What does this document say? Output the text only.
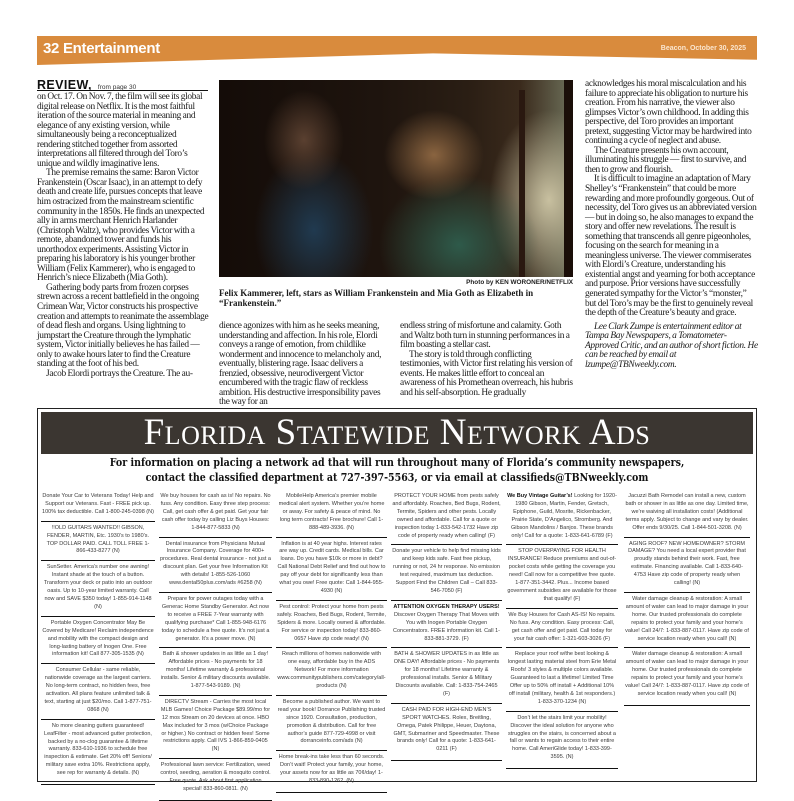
32 Entertainment	Beacon, October 30, 2025
REVIEW, from page 30

on Oct. 17. On Nov. 7, the film will see its global digital release on Netflix. It is the most faithful iteration of the source material in meaning and elegance of any existing version, while simultaneously being a reconceptualized rendering stitched together from assorted interpretations all filtered through del Toro’s unique and wildly imaginative lens.

The premise remains the same: Baron Victor Frankenstein (Oscar Isaac), in an attempt to defy death and create life, pursues concepts that leave him ostracized from the mainstream scientific community in the 1850s. He finds an unexpected ally in arms merchant Henrich Harlander (Christoph Waltz), who provides Victor with a remote, abandoned tower and funds his unorthodox experiments. Assisting Victor in preparing his laboratory is his younger brother William (Felix Kammerer), who is engaged to Henrich’s niece Elizabeth (Mia Goth).

Gathering body parts from frozen corpses strewn across a recent battlefield in the ongoing Crimean War, Victor constructs his prospective creation and attempts to reanimate the assemblage of dead flesh and organs. Using lightning to jumpstart the Creature through the lymphatic system, Victor initially believes he has failed — only to awake hours later to find the Creature standing at the foot of his bed.

Jacob Elordi portrays the Creature. The au-

Photo by KEN WORONER/NETFLIX
Felix Kammerer, left, stars as William Frankenstein and Mia Goth as Elizabeth in “Frankenstein.”

dience agonizes with him as he seeks meaning, understanding and affection. In his role, Elordi conveys a range of emotion, from childlike wonderment and innocence to melancholy and, eventually, blistering rage. Isaac delivers a frenzied, obsessive, neurodivergent Victor encumbered with the tragic flaw of reckless ambition. His destructive irresponsibility paves the way for an

endless string of misfortune and calamity. Goth and Waltz both turn in stunning performances in a film boasting a stellar cast.

The story is told through conflicting testimonies, with Victor first relating his version of events. He makes little effort to conceal an awareness of his Promethean overreach, his hubris and his self-absorption. He gradually

acknowledges his moral miscalculation and his failure to appreciate his obligation to nurture his creation. From his narrative, the viewer also glimpses Victor’s own childhood. In adding this perspective, del Toro provides an important pretext, suggesting Victor may be hardwired into continuing a cycle of neglect and abuse.

The Creature presents his own account, illuminating his struggle — first to survive, and then to grow and flourish.

It is difficult to imagine an adaptation of Mary Shelley’s “Frankenstein” that could be more rewarding and more profoundly gorgeous. Out of necessity, del Toro gives us an abbreviated version — but in doing so, he also manages to expand the story and offer new revelations. The result is something that transcends all genre pigeonholes, focusing on the search for meaning in a meaningless universe. The viewer commiserates with Elordi’s Creature, understanding his existential angst and yearning for both acceptance and purpose. Prior versions have successfully generated sympathy for the Victor’s “monster,” but del Toro’s may be the first to genuinely reveal the depth of the Creature’s beauty and grace.

Lee Clark Zumpe is entertainment editor at Tampa Bay Newspapers, a Tomatometer-Approved Critic, and an author of short fiction. He can be reached by email at lzumpe@TBNweekly.com.

Florida Statewide Network Ads
For information on placing a network ad that will run throughout many of Florida’s community newspapers,
contact the classified department at 727-397-5563, or via email at classifieds@TBNweekly.com
Donate Your Car to Veterans Today! Help and Support our Veterans. Fast - FREE pick up. 100% tax deductible. Call 1-800-245-0398 (N)
!!OLD GUITARS WANTED!! GIBSON, FENDER, MARTIN, Etc. 1930’s to 1980’s. TOP DOLLAR PAID. CALL TOLL FREE 1-866-433-8277 (N)
SunSetter. America’s number one awning! Instant shade at the touch of a button. Transform your deck or patio into an outdoor oasis. Up to 10-year limited warranty. Call now and SAVE $350 today! 1-855-914-1148 (N)
Portable Oxygen Concentrator May Be Covered by Medicare! Reclaim independence and mobility with the compact design and long-lasting battery of Inogen One. Free information kit! Call 877-305-1535 (N)
Consumer Cellular - same reliable, nationwide coverage as the largest carriers. No long-term contract, no hidden fees, free activation. All plans feature unlimited talk & text, starting at just $20/mo. Call 1-877-751-0868 (N)
No more cleaning gutters guaranteed! LeafFilter - most advanced gutter protection, backed by a no-clog guarantee & lifetime warranty. 833-610-1936 to schedule free inspection & estimate. Get 20% off! Seniors/ military save extra 10%. Restrictions apply, see rep for warranty & details. (N)
We buy houses for cash as is! No repairs. No fuss. Any condition. Easy three step process: Call, get cash offer & get paid. Get your fair cash offer today by calling Liz Buys Houses: 1-844-877-5833 (N)
Dental insurance from Physicians Mutual Insurance Company. Coverage for 400+ procedures. Real dental insurance - not just a discount plan. Get your free Information Kit with details! 1-855-526-1060 www.dental50plus.com/ads #6258 (N)
Prepare for power outages today with a Generac Home Standby Generator. Act now to receive a FREE 7-Year warranty with qualifying purchase* Call 1-855-948-6176 today to schedule a free quote. It’s not just a generator. It’s a power move. (N)
Bath & shower updates in as little as 1 day! Affordable prices - No payments for 18 months! Lifetime warranty & professional installs. Senior & military discounts available. 1-877-543-9189. (N)
DIRECTV Stream - Carries the most local MLB Games! Choice Package $89.99/mo for 12 mos Stream on 20 devices at once. HBO Max included for 3 mos (w/Choice Package or higher.) No contract or hidden fees! Some restrictions apply. Call IVS 1-866-859-0405 (N)
Professional lawn service: Fertilization, weed control, seeding, aeration & mosquito control. Free quote. Ask about first application special! 833-860-0811. (N)
MobileHelp America’s premier mobile medical alert system. Whether you’re home or away. For safety & peace of mind. No long term contracts! Free brochure! Call 1-888-489-3936. (N)
Inflation is at 40 year highs. Interest rates are way up. Credit cards. Medical bills. Car loans. Do you have $10k or more in debt? Call National Debt Relief and find out how to pay off your debt for significantly less than what you owe! Free quote: Call 1-844-955-4930 (N)
Pest control: Protect your home from pests safely. Roaches, Bed Bugs, Rodent, Termite, Spiders & more. Locally owned & affordable. For service or inspection today! 833-860-0657 Have zip code ready! (N)
Reach millions of homes nationwide with one easy, affordable buy in the ADS Network! For more information www.communitypublishers.com/category/all-products (N)
Become a published author. We want to read your book! Dorrance Publishing trusted since 1920. Consultation, production, promotion & distribution. Call for free author’s guide 877-729-4998 or visit dorranceinfo.com/ads (N)
Home break-ins take less than 60 seconds. Don’t wait! Protect your family, your home, your assets now for as little as 70¢/day! 1-833-890-1262. (N)
PROTECT YOUR HOME from pests safely and affordably. Roaches, Bed Bugs, Rodent, Termite, Spiders and other pests. Locally owned and affordable. Call for a quote or inspection today 1-833-542-1732 Have zip code of property ready when calling! (F)
Donate your vehicle to help find missing kids and keep kids safe. Fast free pickup, running or not, 24 hr response. No emission test required, maximum tax deduction. Support Find the Children Call – Call 833-546-7050 (F)
ATTENTION OXYGEN THERAPY USERS! Discover Oxygen Therapy That Moves with You with Inogen Portable Oxygen Concentrators. FREE information kit. Call 1-833-881-3729. (F)
BATH & SHOWER UPDATES in as little as ONE DAY! Affordable prices - No payments for 18 months! Lifetime warranty & professional installs. Senior & Military Discounts available. Call: 1-833-754-2465 (F)
CASH PAID FOR HIGH-END MEN’S SPORT WATCHES. Rolex, Breitling, Omega, Patek Philippe, Heuer, Daytona, GMT, Submariner and Speedmaster. These brands only! Call for a quote: 1-833-641-0211 (F)
We Buy Vintage Guitar’s! Looking for 1920-1980 Gibson, Martin, Fender, Gretsch, Epiphone, Guild, Mosrite, Rickenbacker, Prairie State, D’Angelico, Stromberg. And Gibson Mandolins / Banjos. These brands only! Call for a quote: 1-833-641-6789 (F)
STOP OVERPAYING FOR HEALTH INSURANCE! Reduce premiums and out-of-pocket costs while getting the coverage you need! Call now for a competitive free quote. 1-877-351-3442. Plus... Income based government subsidies are available for those that qualify! (F)
We Buy Houses for Cash AS-IS! No repairs. No fuss. Any condition. Easy process: Call, get cash offer and get paid. Call today for your fair cash offer: 1-321-603-3026 (F)
Replace your roof w/the best looking & longest lasting material steel from Erie Metal Roofs! 3 styles & multiple colors available. Guaranteed to last a lifetime! Limited Time Offer up to 50% off install + Additional 10% off install (military, health & 1st responders.) 1-833-370-1234 (N)
Don’t let the stairs limit your mobility! Discover the ideal solution for anyone who struggles on the stairs, is concerned about a fall or wants to regain access to their entire home. Call AmeriGlide today! 1-833-399-3595. (N)
Jacuzzi Bath Remodel can install a new, custom bath or shower in as little as one day. Limited time, we’re waiving all installation costs! (Additional terms apply. Subject to change and vary by dealer. Offer ends 9/30/25. Call 1-844-501-3208. (N)
AGING ROOF? NEW HOMEOWNER? STORM DAMAGE? You need a local expert provider that proudly stands behind their work. Fast, free estimate. Financing available. Call 1-833-640-4753 Have zip code of property ready when calling! (N)
Water damage cleanup & restoration: A small amount of water can lead to major damage in your home. Our trusted professionals do complete repairs to protect your family and your home’s value! Call 24/7: 1-833-887-0117. Have zip code of service location ready when you call! (N)
Water damage cleanup & restoration: A small amount of water can lead to major damage in your home. Our trusted professionals do complete repairs to protect your family and your home’s value! Call 24/7: 1-833-887-0117. Have zip code of service location ready when you call! (N)
